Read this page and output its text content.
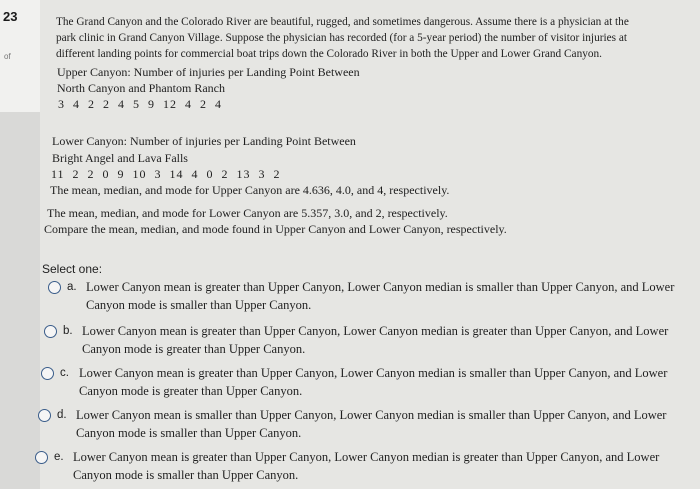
23
of
The Grand Canyon and the Colorado River are beautiful, rugged, and sometimes dangerous. Assume there is a physician at the park clinic in Grand Canyon Village. Suppose the physician has recorded (for a 5-year period) the number of visitor injuries at different landing points for commercial boat trips down the Colorado River in both the Upper and Lower Grand Canyon.
Upper Canyon: Number of injuries per Landing Point Between
North Canyon and Phantom Ranch
3  4  2  2  4  5  9  12  4  2  4
Lower Canyon: Number of injuries per Landing Point Between
Bright Angel and Lava Falls
11  2  2  0  9  10  3  14  4  0  2  13  3  2
The mean, median, and mode for Upper Canyon are 4.636, 4.0, and 4, respectively.
The mean, median, and mode for Lower Canyon are 5.357, 3.0, and 2, respectively.
Compare the mean, median, and mode found in Upper Canyon and Lower Canyon, respectively.
Select one:
a. Lower Canyon mean is greater than Upper Canyon, Lower Canyon median is smaller than Upper Canyon, and Lower
Canyon mode is smaller than Upper Canyon.
b. Lower Canyon mean is greater than Upper Canyon, Lower Canyon median is greater than Upper Canyon, and Lower
Canyon mode is greater than Upper Canyon.
c. Lower Canyon mean is greater than Upper Canyon, Lower Canyon median is smaller than Upper Canyon, and Lower
Canyon mode is greater than Upper Canyon.
d. Lower Canyon mean is smaller than Upper Canyon, Lower Canyon median is smaller than Upper Canyon, and Lower
Canyon mode is smaller than Upper Canyon.
e. Lower Canyon mean is greater than Upper Canyon, Lower Canyon median is greater than Upper Canyon, and Lower
Canyon mode is smaller than Upper Canyon.
